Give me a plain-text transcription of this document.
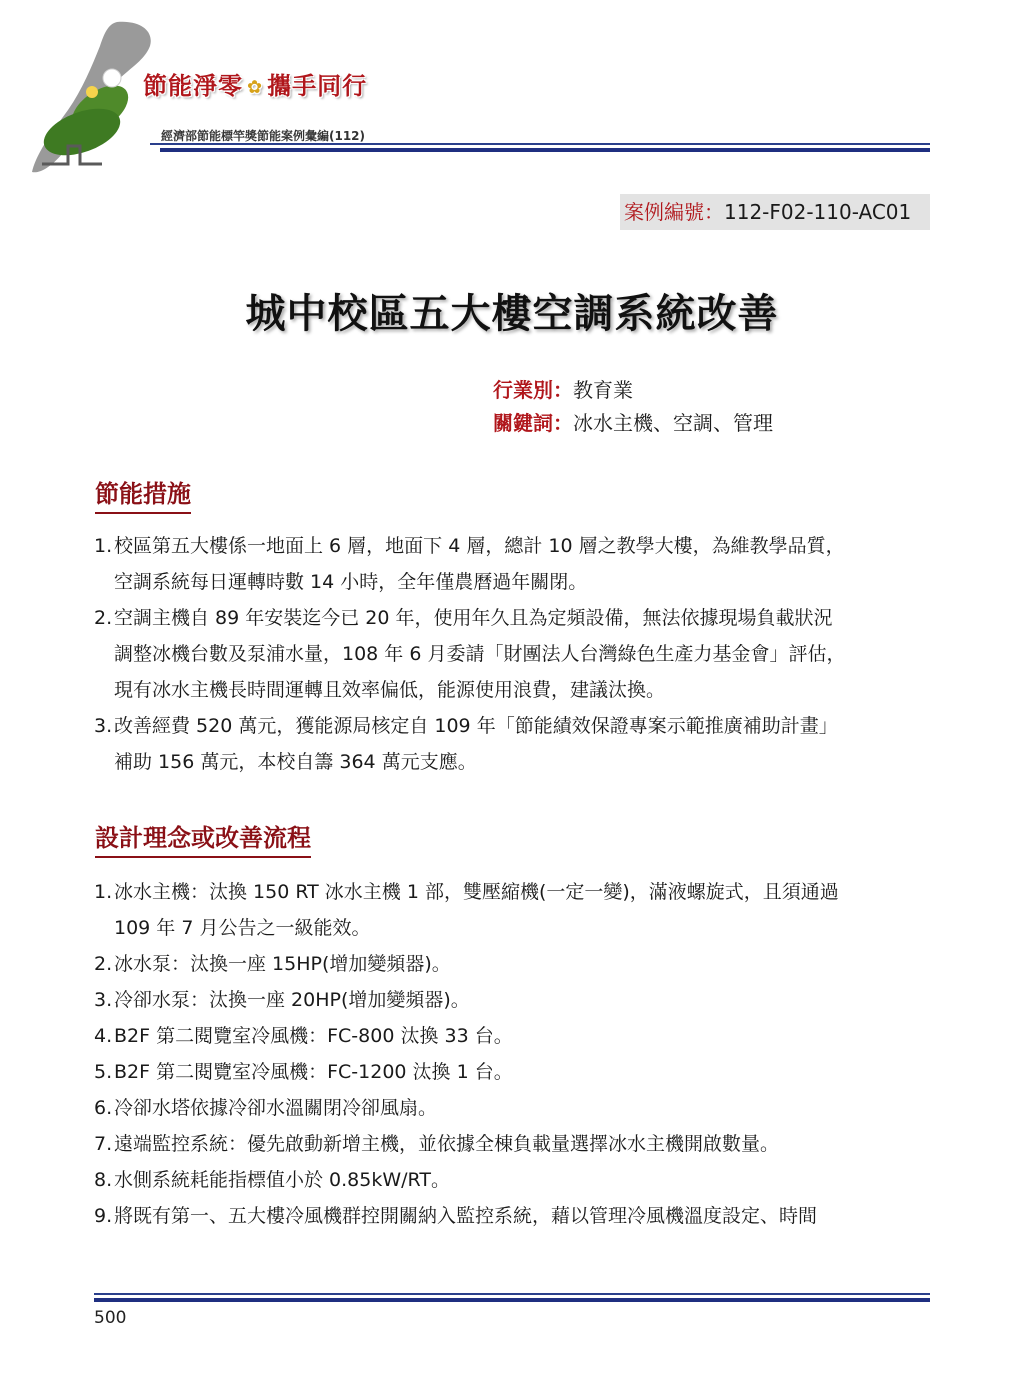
節能淨零 ✿ 攜手同行
經濟部節能標竿獎節能案例彙編(112)
案例編號：112-F02-110-AC01
城中校區五大樓空調系統改善
行業別：教育業
關鍵詞：冰水主機、空調、管理
節能措施
1.校區第五大樓係一地面上 6 層，地面下 4 層，總計 10 層之教學大樓，為維教學品質，
空調系統每日運轉時數 14 小時，全年僅農曆過年關閉。
2.空調主機自 89 年安裝迄今已 20 年，使用年久且為定頻設備，無法依據現場負載狀況
調整冰機台數及泵浦水量，108 年 6 月委請「財團法人台灣綠色生產力基金會」評估，
現有冰水主機長時間運轉且效率偏低，能源使用浪費，建議汰換。
3.改善經費 520 萬元，獲能源局核定自 109 年「節能績效保證專案示範推廣補助計畫」
補助 156 萬元，本校自籌 364 萬元支應。
設計理念或改善流程
1.冰水主機：汰換 150 RT 冰水主機 1 部，雙壓縮機(一定一變)，滿液螺旋式，且須通過
109 年 7 月公告之一級能效。
2.冰水泵：汰換一座 15HP(增加變頻器)。
3.冷卻水泵：汰換一座 20HP(增加變頻器)。
4.B2F 第二閱覽室冷風機：FC-800 汰換 33 台。
5.B2F 第二閱覽室冷風機：FC-1200 汰換 1 台。
6.冷卻水塔依據冷卻水溫關閉冷卻風扇。
7.遠端監控系統：優先啟動新增主機，並依據全棟負載量選擇冰水主機開啟數量。
8.水側系統耗能指標值小於 0.85kW/RT。
9.將既有第一、五大樓冷風機群控開關納入監控系統，藉以管理冷風機溫度設定、時間
500
